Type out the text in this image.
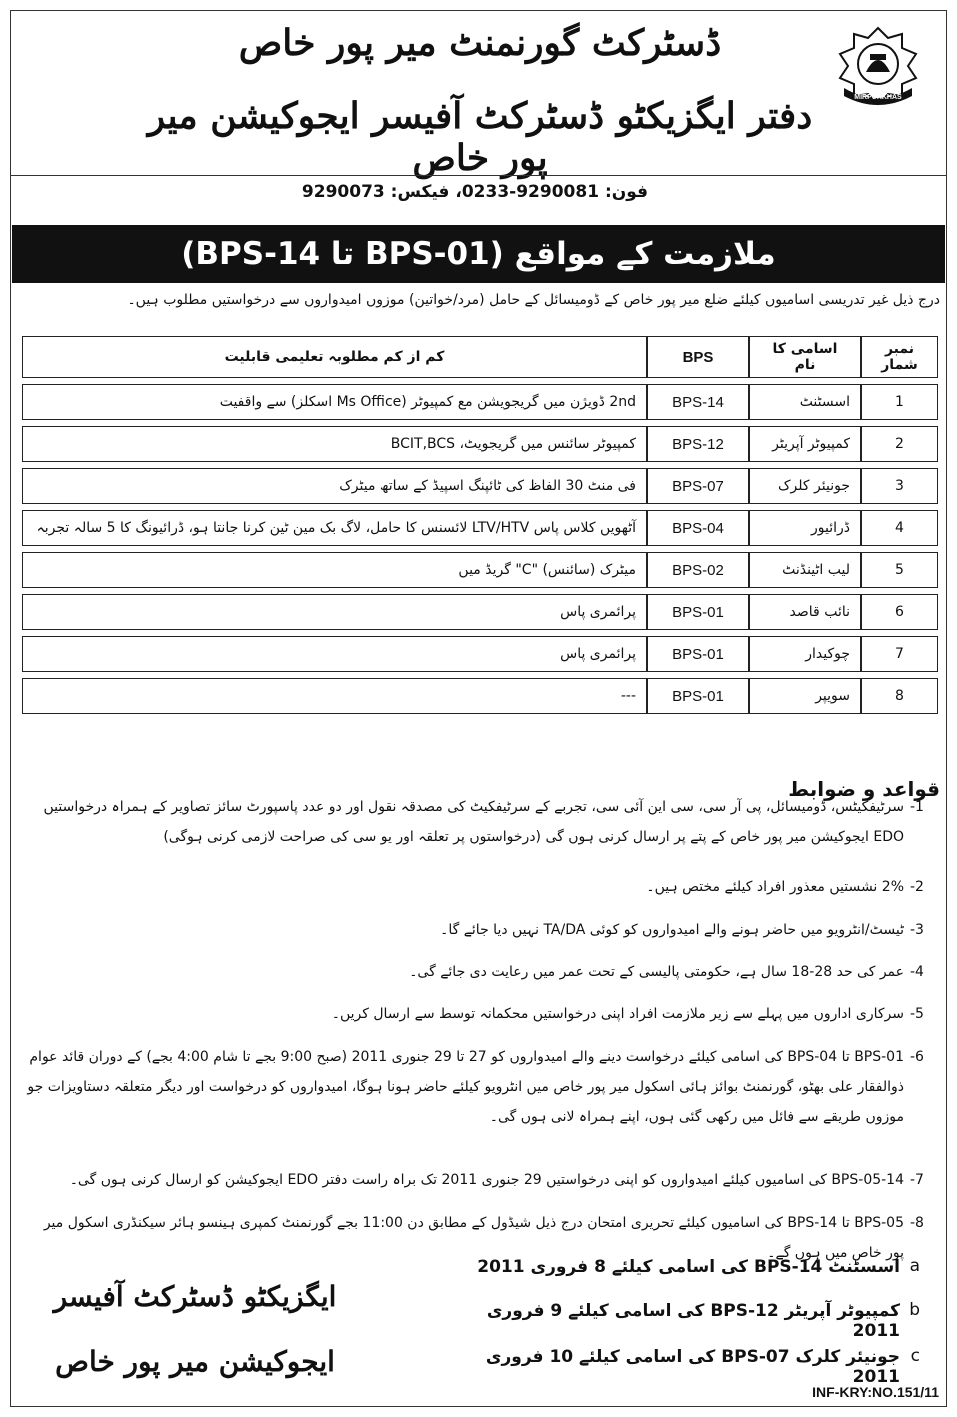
ڈسٹرکٹ گورنمنٹ میر پور خاص
دفتر ایگزیکٹو ڈسٹرکٹ آفیسر ایجوکیشن میر پور خاص
MIRPURKHAS
فون: 9290081-0233، فیکس: 9290073
ملازمت کے مواقع (BPS-01 تا BPS-14)
درج ذیل غیر تدریسی اسامیوں کیلئے ضلع میر پور خاص کے ڈومیسائل کے حامل (مرد/خواتین) موزوں امیدواروں سے درخواستیں مطلوب ہیں۔
نمبر شمار	اسامی کا نام	BPS	کم از کم مطلوبہ تعلیمی قابلیت
1	اسسٹنٹ	BPS-14	2nd ڈویژن میں گریجویشن مع کمپیوٹر (Ms Office اسکلز) سے واقفیت
2	کمپیوٹر آپریٹر	BPS-12	کمپیوٹر سائنس میں گریجویٹ، BCIT,BCS
3	جونیئر کلرک	BPS-07	فی منٹ 30 الفاظ کی ٹائپنگ اسپیڈ کے ساتھ میٹرک
4	ڈرائیور	BPS-04	آٹھویں کلاس پاس LTV/HTV لائسنس کا حامل، لاگ بک مین ٹین کرنا جانتا ہو، ڈرائیونگ کا 5 سالہ تجربہ
5	لیب اٹینڈنٹ	BPS-02	میٹرک (سائنس) "C" گریڈ میں
6	نائب قاصد	BPS-01	پرائمری پاس
7	چوکیدار	BPS-01	پرائمری پاس
8	سویپر	BPS-01	---
قواعد و ضوابط
-1
سرٹیفکیٹس، ڈومیسائل، پی آر سی، سی این آئی سی، تجربے کے سرٹیفکیٹ کی مصدقہ نقول اور دو عدد پاسپورٹ سائز تصاویر کے ہمراہ درخواستیں EDO ایجوکیشن میر پور خاص کے پتے پر ارسال کرنی ہوں گی (درخواستوں پر تعلقہ اور یو سی کی صراحت لازمی کرنی ہوگی)
-2
2% نشستیں معذور افراد کیلئے مختص ہیں۔
-3
ٹیسٹ/انٹرویو میں حاضر ہونے والے امیدواروں کو کوئی TA/DA نہیں دیا جائے گا۔
-4
عمر کی حد 28-18 سال ہے، حکومتی پالیسی کے تحت عمر میں رعایت دی جائے گی۔
-5
سرکاری اداروں میں پہلے سے زیر ملازمت افراد اپنی درخواستیں محکمانہ توسط سے ارسال کریں۔
-6
BPS-01 تا BPS-04 کی اسامی کیلئے درخواست دینے والے امیدواروں کو 27 تا 29 جنوری 2011 (صبح 9:00 بجے تا شام 4:00 بجے) کے دوران قائد عوام ذوالفقار علی بھٹو، گورنمنٹ بوائز ہائی اسکول میر پور خاص میں انٹرویو کیلئے حاضر ہونا ہوگا، امیدواروں کو درخواست اور دیگر متعلقہ دستاویزات جو موزوں طریقے سے فائل میں رکھی گئی ہوں، اپنے ہمراہ لانی ہوں گی۔
-7
BPS-05-14 کی اسامیوں کیلئے امیدواروں کو اپنی درخواستیں 29 جنوری 2011 تک براہ راست دفتر EDO ایجوکیشن کو ارسال کرنی ہوں گی۔
-8
BPS-05 تا BPS-14 کی اسامیوں کیلئے تحریری امتحان درج ذیل شیڈول کے مطابق دن 11:00 بجے گورنمنٹ کمپری ہینسو ہائر سیکنڈری اسکول میر پور خاص میں ہوں گے۔
a
اسسٹنٹ BPS-14 کی اسامی کیلئے 8 فروری 2011
b
کمپیوٹر آپریٹر BPS-12 کی اسامی کیلئے 9 فروری 2011
c
جونیئر کلرک BPS-07 کی اسامی کیلئے 10 فروری 2011
ایگزیکٹو ڈسٹرکٹ آفیسر
ایجوکیشن میر پور خاص
INF-KRY:NO.151/11
